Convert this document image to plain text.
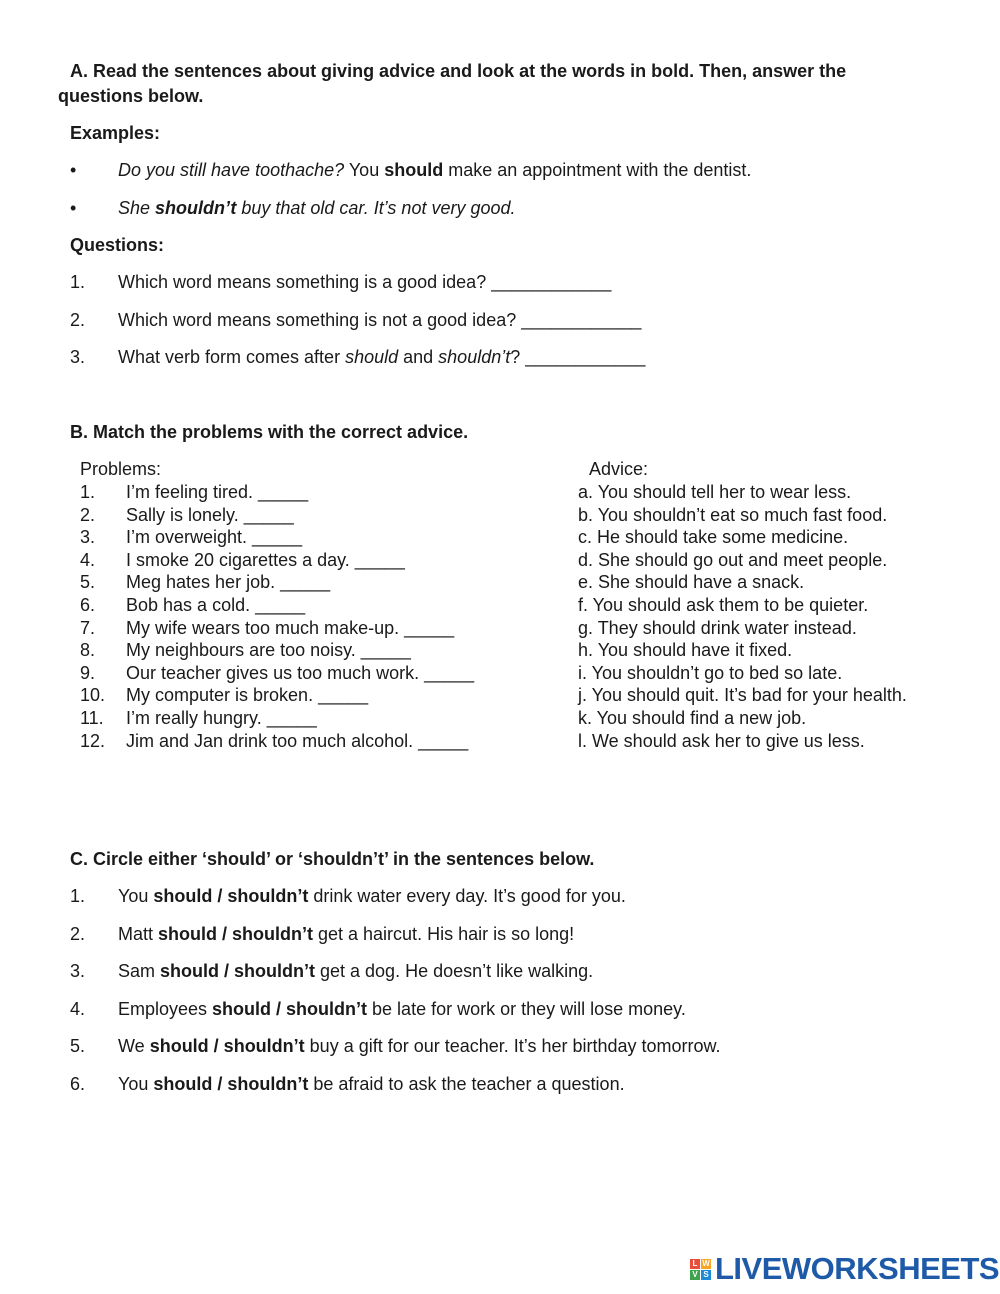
A. Read the sentences about giving advice and look at the words in bold. Then, answer the
questions below.
Examples:
• Do you still have toothache? You should make an appointment with the dentist.
• She shouldn’t buy that old car. It’s not very good.
Questions:
1. Which word means something is a good idea? ____________
2. Which word means something is not a good idea? ____________
3. What verb form comes after should and shouldn’t? ____________
B. Match the problems with the correct advice.
Problems:	Advice:
1. I’m feeling tired. _____
2. Sally is lonely. _____
3. I’m overweight. _____
4. I smoke 20 cigarettes a day. _____
5. Meg hates her job. _____
6. Bob has a cold. _____
7. My wife wears too much make-up. _____
8. My neighbours are too noisy. _____
9. Our teacher gives us too much work. _____
10. My computer is broken. _____
11. I’m really hungry. _____
12. Jim and Jan drink too much alcohol. _____
a. You should tell her to wear less.
b. You shouldn’t eat so much fast food.
c. He should take some medicine.
d. She should go out and meet people.
e. She should have a snack.
f. You should ask them to be quieter.
g. They should drink water instead.
h. You should have it fixed.
i. You shouldn’t go to bed so late.
j. You should quit. It’s bad for your health.
k. You should find a new job.
l. We should ask her to give us less.
C. Circle either ‘should’ or ‘shouldn’t’ in the sentences below.
1. You should / shouldn’t drink water every day. It’s good for you.
2. Matt should / shouldn’t get a haircut. His hair is so long!
3. Sam should / shouldn’t get a dog. He doesn’t like walking.
4. Employees should / shouldn’t be late for work or they will lose money.
5. We should / shouldn’t buy a gift for our teacher. It’s her birthday tomorrow.
6. You should / shouldn’t be afraid to ask the teacher a question.
L W
V S LIVEWORKSHEETS
